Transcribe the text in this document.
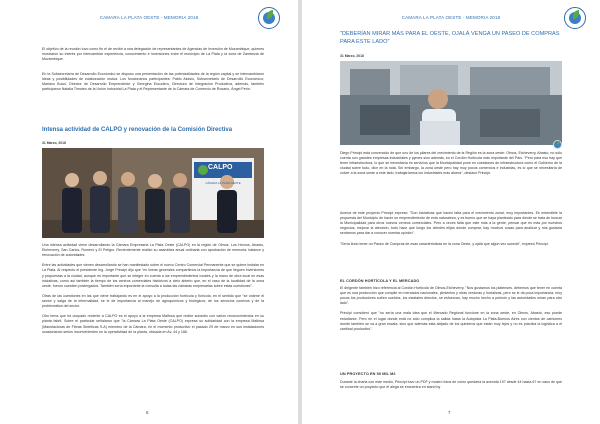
CAMARA LA PLATA OESTE - MEMORIA 2018
El objetivo de la reunión tuvo como fin el de recibir a una delegación de representantes de Agencias de Inversión de Mozambique, quienes mostraron su interés por intercambiar experiencia, conocimiento e inversiones entre el municipio de La Plata y la zona de Zambezia de Mozambique.
En la Subsecretaría de Desarrollo Económico se dispuso una presentación de las potencialidades de la región capital y se intercambiaron ideas y posibilidades de colaboración mutua. Los funcionarios participantes: Pablo Aloisio, Subsecretario de Desarrollo Económico; Mariano Bucci, Director de Desarrollo Emprendedor y Georgina Escudero, Directora de Integración Productiva, además, también participaron Natalia Timoteo de la Unión Industrial La Plata y el Representante de la Cámara de Comercio de Rosario, Ángel Perin.
Intensa actividad de CALPO y renovación de la Comisión Directiva
31 Marzo, 2018
CALPO
CÁMARA LA PLATA OESTE
Una intensa actividad viene desarrollando la Cámara Empresaria La Plata Oeste (CALPO) en la región de Olmos, Los Hornos, Abasto, Etcheverry, San Carlos, Romero y El Peligro. Recientemente realizó su asamblea anual ordinaria con aprobación de memoria, balance y renovación de autoridades.

Entre las actividades que vienen desarrollando se han manifestado sobre el nuevo Centro Comercial Permanente que se quiere instalar en La Plata. Al respecto el presidente Ing. Jorge Principi dijo que "en líneas generales compartimos la importancia de que lleguen inversiones y propuestas a la ciudad, aunque es importante que se integre en cuenta a los emprendimientos locales y la mano de obra local en esas iniciativas, como así también la tiempo de los centros comerciales históricos a cielo abierto que, en el caso de la localidad de la zona oeste, fueron cuestión postergados. También sería importante la consulta a todas las cámaras empresarias sobre estas cuestiones".

Otras de las cuestiones en las que viene trabajando es en el apoyo a la producción hortícola y florícola, en el sentido que "se ordene el sector y salga de la informalidad, se le de importancia al manejo de agroquímicos y biológicos, de los servicios conexos y de la problemática del sector.

Otro tema que ha ocupado reciente a CALPO es el apoyo a la empresa Malfosa que recibe subsidio con varios reconocimientos en su planta fabril. Sobre el particular señalaron que "la Cámara La Plata Oeste (CALPO) expresa su solidaridad con la empresa Malfosa (Manufacturas de Fibras Sintéticas S.A) miembro de la Cámara, en el momento productivo el pasado 29 de marzo en sus instalaciones ocasionando serios inconvenientes en la operatividad de la planta, ubicada en Av. 44 y 186.
6
CAMARA LA PLATA OESTE - MEMORIA 2018
"DEBERÍAN MIRAR MÁS PARA EL OESTE, OJALÁ VENGA UN PASEO DE COMPRAS PARA ESTE LADO"
31 Marzo, 2018
Diego Principi está convencido de que uno de los pilares del crecimiento de la Región es la zona oeste: Olmos, Etcheverry, Abasto, no sólo cuenta con grandes empresas industriales y pymes sino además, en el Cordón Hortícola más importante del País. "Pero para eso hay que tener infraestructura, lo que se necesitaría es servicios que la Municipalidad pone en cuestiones de infraestructura como el Gobierno de la ciudad sobre todo, dice en la nota. Sin embargo, la zona oeste pero hay muy pocos comercios e industrias, es lo que se necesitaría de volver a la zona oeste a este lado, trabajaríamos los industriales más afuera", destacó Principi.
Acerca de este proyecto Principi expresó: "Son iniciativas que hacen falta para el crecimiento zonal, muy importantes. Es entendible la propuesta del Municipio de hacer un emprendimiento de esta naturaleza, y es bueno que se haya planteado para dónde se trata de buscar la Municipalidad para otros nuevos centros comerciales. Pero a veces falta que este más a la gente, pensar que es más por nuestros negocios, mejorar la atención, todo hace que luego los clientes elijan dónde comprar, hay muchos cosas para analizar y nos gustaría sentarnos para dar a conocer nuestra opinión".

"Sería lindo tener un Paseo de Compras de esas características en la zona Oeste, y ojalá que algún vez suceda", expresó Principi.
EL CORDÓN HORTÍCOLA Y EL MERCADO
El dirigente también hizo referencia al Cordón Hortícola de Olmos-Etcheverry. "Nos gustamos los platenses, debemos que tener en cuenta que es una producción que compite en mercados nacionales, pimientos y otras verduras y hortalizas, pero se le da poca importancia, muy pocos los productores sufren sueldos, los estatales directos, se esfuerzan, hay mucho hecho a pulmón y las autoridades miran para otro lado".

Principi consideró que "no sería una mala idea que el Mercado Regional funcione en la zona oeste, en Olmos, Abasto, eso puede estudiarse. Pero en el lugar donde está no sólo complica la salida hasta la Autopista La Plata-Buenos Aires con cientos de camiones donde también se va a gran escala, sino que además está alejado de los quinteros que están muy lejos y no es práctica la logística a el cardinal productivo".
UN PROYECTO EN 50 MIL M2
Durante la charla con este medio, Principi tuvo un PDF y mostró fotos de cómo quedaría la avenida 197 desde 44 hasta 67 en caso de que se concrete un proyecto que él alega se encuentra en stand by
7
